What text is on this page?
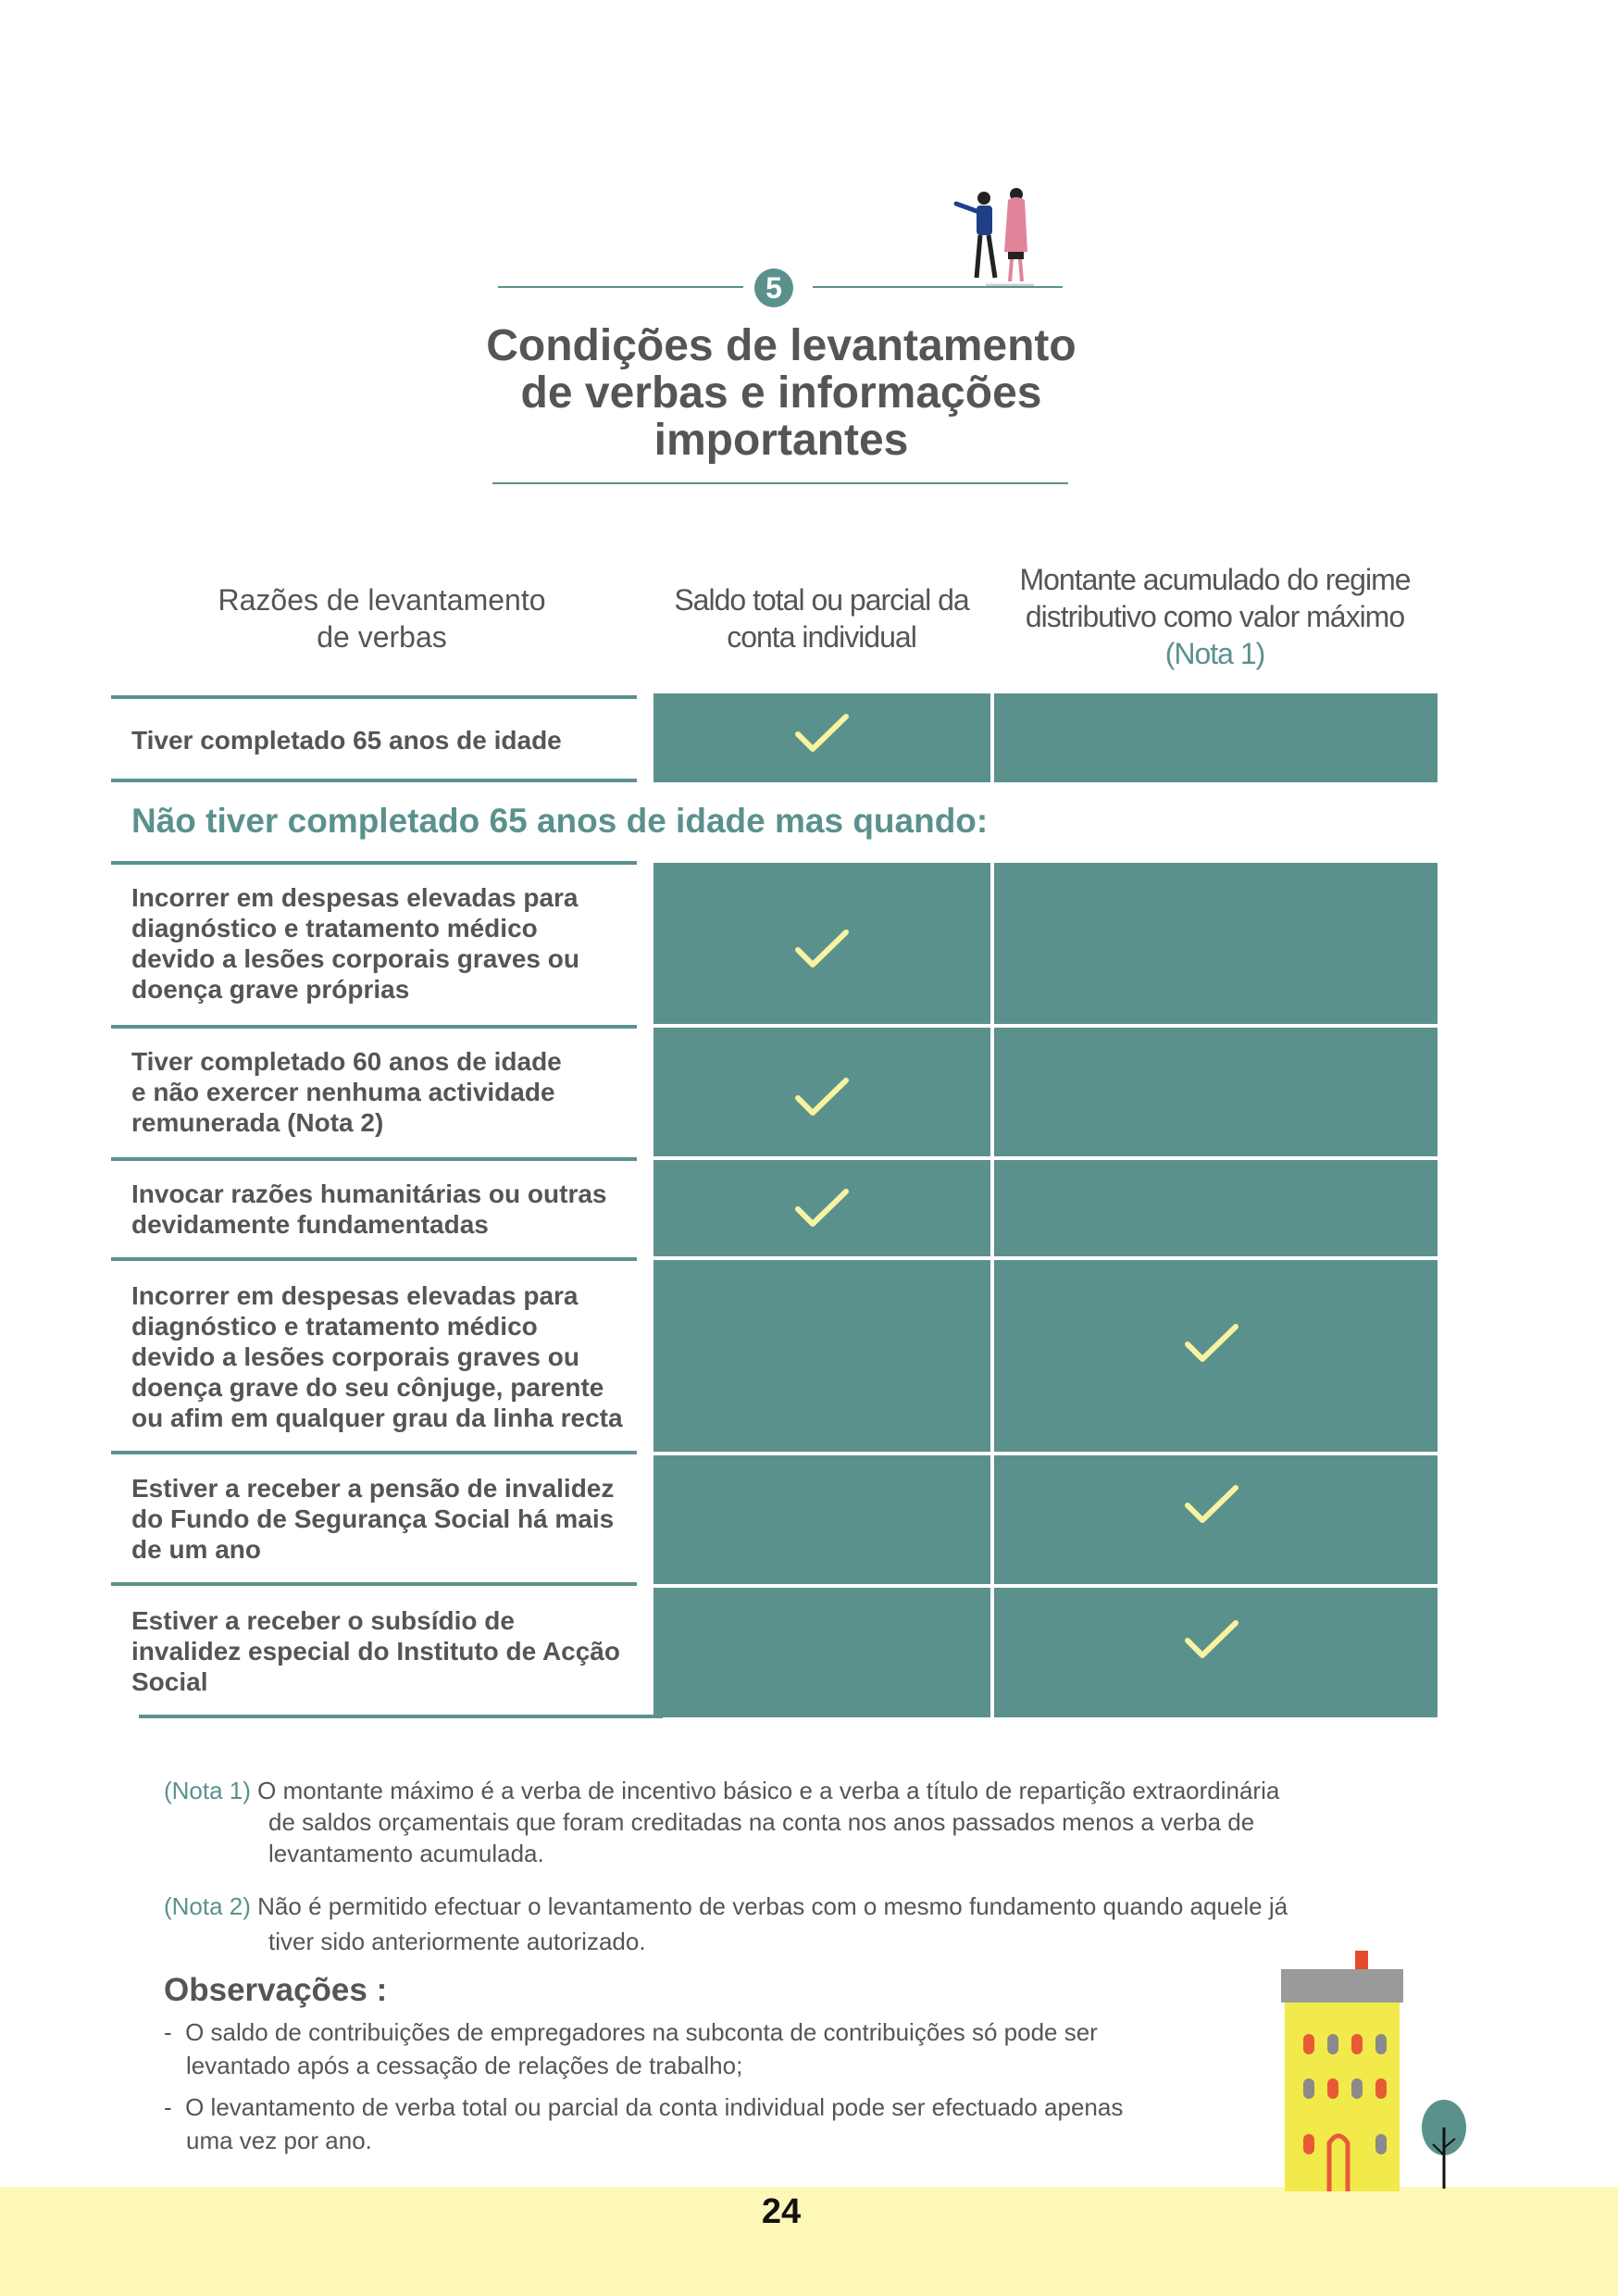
5
Condições de levantamento
de verbas e informações
importantes
Razões de levantamento
de verbas
Saldo total ou parcial da
conta individual
Montante acumulado do regime
distributivo como valor máximo
(Nota 1)
Tiver completado 65 anos de idade
Não tiver completado 65 anos de idade mas quando:
Incorrer em despesas elevadas para
diagnóstico e tratamento médico
devido a lesões corporais graves ou
doença grave próprias
Tiver completado 60 anos de idade
e não exercer nenhuma actividade
remunerada (Nota 2)
Invocar razões humanitárias ou outras
devidamente fundamentadas
Incorrer em despesas elevadas para
diagnóstico e tratamento médico
devido a lesões corporais graves ou
doença grave do seu cônjuge, parente
ou afim em qualquer grau da linha recta
Estiver a receber a pensão de invalidez
do Fundo de Segurança Social há mais
de um ano
Estiver a receber o subsídio de
invalidez especial do Instituto de Acção
Social
(Nota 1) O montante máximo é a verba de incentivo básico e a verba a título de repartição extraordinária
de saldos orçamentais que foram creditadas na conta nos anos passados menos a verba de
levantamento acumulada.
(Nota 2) Não é permitido efectuar o levantamento de verbas com o mesmo fundamento quando aquele já
tiver sido anteriormente autorizado.
Observações :
-  O saldo de contribuições de empregadores na subconta de contribuições só pode ser
levantado após a cessação de relações de trabalho;
-  O levantamento de verba total ou parcial da conta individual pode ser efectuado apenas
uma vez por ano.
24
